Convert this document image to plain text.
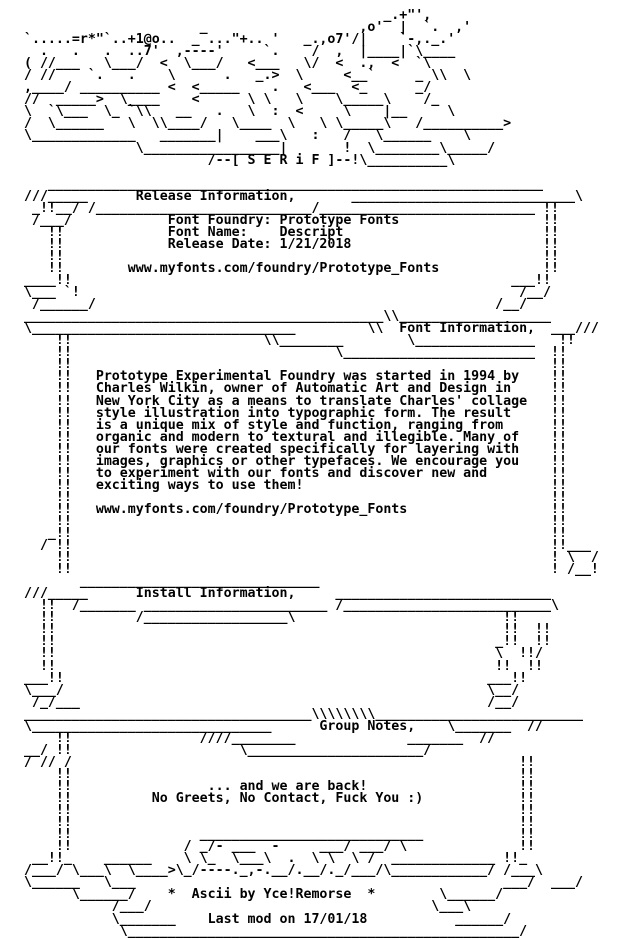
_.+"',
_                   ,o'  |  `.  ,'
`.....=r*"`..+1@o..  _ ..."+.. '   _.,o7'/|    `-,._.'
.   .   .  ..7'  ,----'     `.    /  ,  |____|`\____
( //___   \___/  <  \___/   <___   \/  <  .,  <  `\
/ //    `.   .    \      .   _.>  \     <__`     _ \\  \
,____/ __________ <  <_____    .   <___  <_      _/
//  _____>  \____    <      \ \   \    \_____\    /_
\  `\___  \_ `\\   __   .   \  :  <     \    |__     \
/  \______   \  \\____/   \____  \   \ \_____\   /__________>
\_____________   _______|    ___\   :   /   \______    \
\_________________|       !  \________\_____/
/--[ S E R i F ]--!\__________\

______________________________________________________________
///_____      Release Information,       ____________________________\
_!!__/ /___________________________/___________________________ !!
/___/            Font Foundry: Prototype Fonts                  !!
!!             Font Name:    Descript                         !!
!!             Release Date: 1/21/2018                        !!
!!                                                            !!
!!        www.myfonts.com/foundry/Prototype_Fonts             !!
____!!                                                       ___!!
\___ `!                                                       /__/
/______/                                                  /__/
_____________________________________________\\___________________
\_________________________________         \\  Font Information,  ___///
!!                        \\________        \_______________   !!
!!                                 \________________________  !!
!!                                                            !!
!!   Prototype Experimental Foundry was started in 1994 by    !!
!!   Charles Wilkin, owner of Automatic Art and Design in     !!
!!   New York City as a means to translate Charles' collage   !!
!!   style illustration into typographic form. The result     !!
!!   is a unique mix of style and function, ranging from      !!
!!   organic and modern to textural and illegible. Many of    !!
!!   our fonts were created specifically for layering with    !!
!!   images, graphics or other typefaces. We encourage you    !!
!!   to experiment with our fonts and discover new and        !!
!!   exciting ways to use them!                               !!
!!                                                            !!
!!   www.myfonts.com/foundry/Prototype_Fonts                  !!
!!                                                            !!
_!!                                                            !!
/ !!                                                            !!___
!!                                                            ! \  /
!!                                                            ! /__!
______________________________
///_____      Install Information,     ___________________________
!!  /_______ _______________________ /__________________________\
!!          /__________________\                          !!
!!                                                        !!  !!
!!                                                       _!!  !!
!!                                                       \  !!/
!!                                                       !!  !!
___!!                                                     ___!!
\___/                                                     \__/
/_/___                                                   /__/
____________________________________\\\\\\\\__________________________
\______________________________      Group Notes,    \_______  //
!!                ////________              _______  //
__/ !!                     \______________________/
/ // /                                                        !!
!!                                                        !!
!!                 ... and we are back!                   !!
!!          No Greets, No Contact, Fuck You :)            !!
!!                                                        !!
!!                                                        !!
!!                ____________________________            !!
!!              / _/- ___  -     ___/ ___/ \              !!
__!!_    ______    \ \_  \___\  .  \ \  \ /  _____________ !!_
/___/ \___\  \____>\_/----._,-.__/.__/._/___/\____________/ /___\
\______   \___                                              ___/  ___/
\______/    *  Ascii by Yce!Remorse  *        \______/
/___/                                   \___\
\_______    Last mod on 17/01/18           ______/
\_________________________________________________/
